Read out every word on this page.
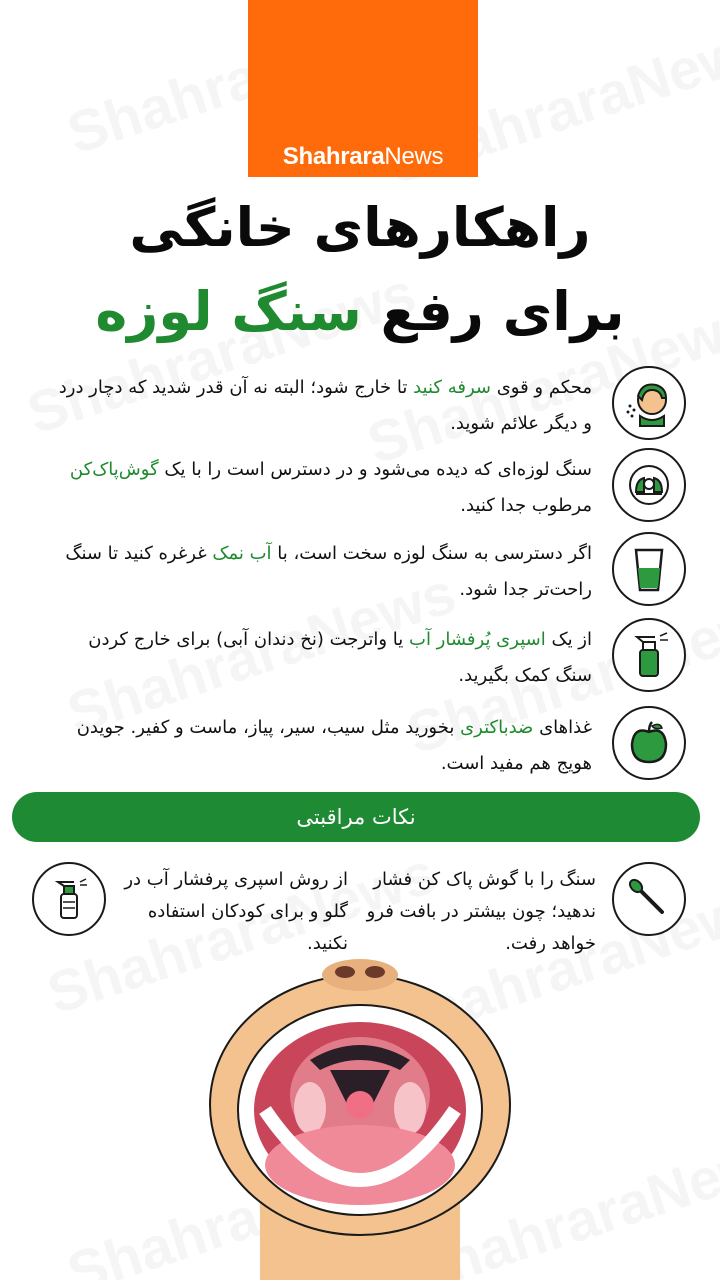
ShahraraNews
راهکارهای خانگی
برای رفع سنگ لوزه
محکم و قوی سرفه کنید تا خارج شود؛ البته نه آن قدر شدید که دچار درد و دیگر علائم شوید.
سنگ لوزه‌ای که دیده می‌شود و در دسترس است را با یک گوش‌پاک‌کن مرطوب جدا کنید.
اگر دسترسی به سنگ لوزه سخت است، با آب نمک غرغره کنید تا سنگ راحت‌تر جدا شود.
از یک اسپری پُرفشار آب یا واترجت (نخ دندان آبی) برای خارج کردن سنگ کمک بگیرید.
غذاهای ضدباکتری بخورید مثل سیب، سیر، پیاز، ماست و کفیر. جویدن هویج هم مفید است.
نکات مراقبتی
سنگ را با گوش پاک کن فشار ندهید؛ چون بیشتر در بافت فرو خواهد رفت.
از روش اسپری پرفشار آب در گلو و برای کودکان استفاده نکنید.
